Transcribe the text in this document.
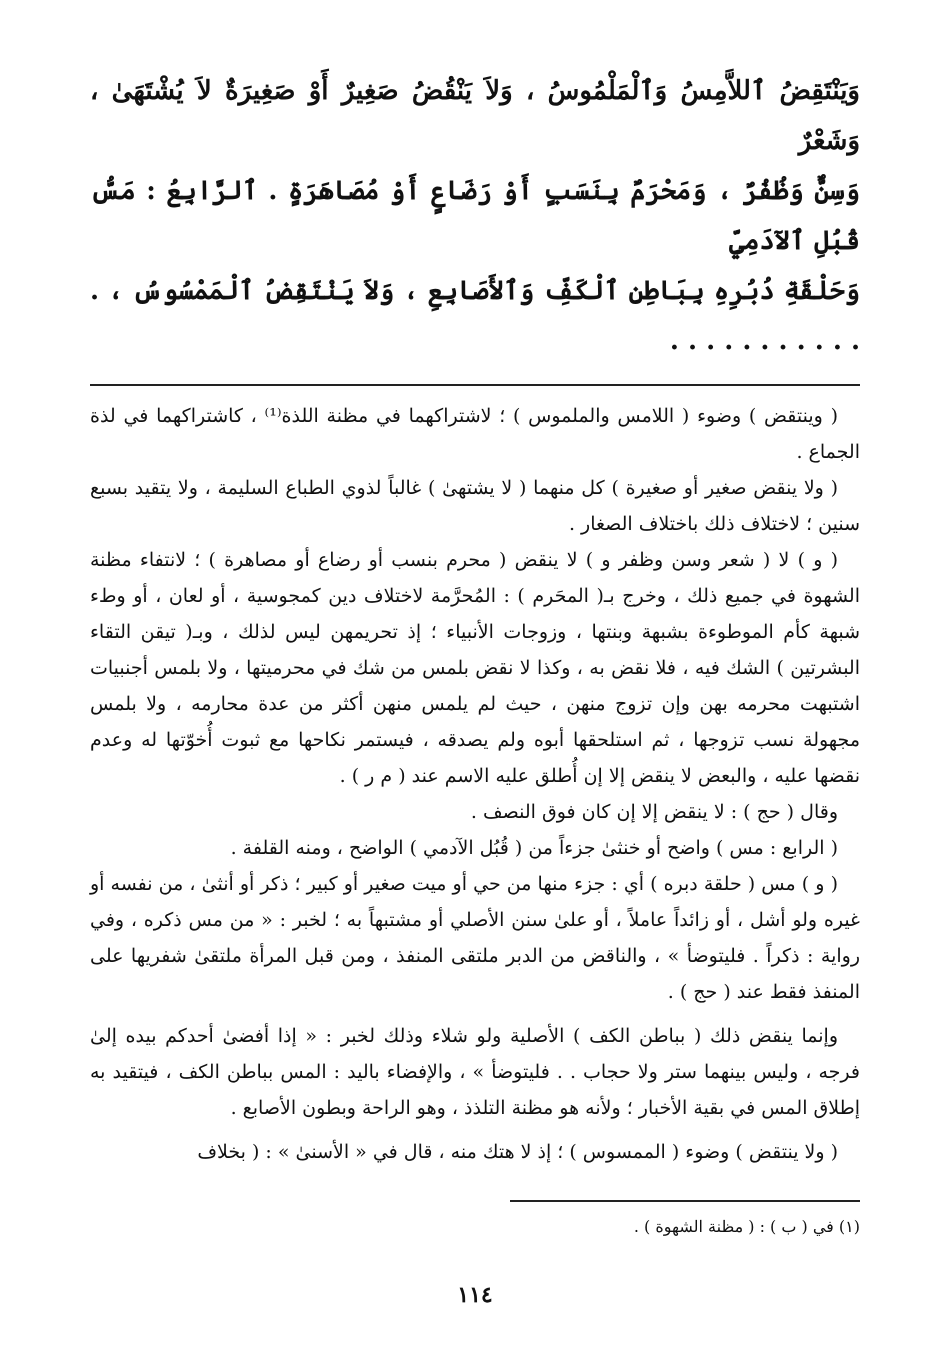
وَيَنْتَقِضُ ٱللاَّمِسُ وَٱلْمَلْمُوسُ ، وَلاَ يَنْقُضُ صَغِيرٌ أَوْ صَغِيرَةٌ لاَ يُشْتَهَىٰ ، وَشَعْرٌ
وَسِنٌّ وَظُفُرٌ ، وَمَحْرَمٌ بِنَسَبٍ أَوْ رَضَاعٍ أَوْ مُصَاهَرَةٍ . ٱلرَّابِعُ : مَسُّ قُبُلِ ٱلآدَمِيِّ
وَحَلْقَةِ دُبُرِهِ بِبَاطِنِ ٱلْكَفِّ وَٱلأَصَابِعِ ، وَلاَ يَنْتَقِضُ ٱلْمَمْسُوسُ ، . . . . . . . . . . . .

( وينتقض ) وضوء ( اللامس والملموس ) ؛ لاشتراكهما في مظنة اللذة⁽¹⁾ ، كاشتراكهما في لذة الجماع .

( ولا ينقض صغير أو صغيرة ) كل منهما ( لا يشتهىٰ ) غالباً لذوي الطباع السليمة ، ولا يتقيد بسبع سنين ؛ لاختلاف ذلك باختلاف الصغار .

( و ) لا ( شعر وسن وظفر و ) لا ينقض ( محرم بنسب أو رضاع أو مصاهرة ) ؛ لانتفاء مظنة الشهوة في جميع ذلك ، وخرج بـ( المحَرم ) : المُحرَّمة لاختلاف دين كمجوسية ، أو لعان ، أو وطء شبهة كأم الموطوءة بشبهة وبنتها ، وزوجات الأنبياء ؛ إذ تحريمهن ليس لذلك ، وبـ( تيقن التقاء البشرتين ) الشك فيه ، فلا نقض به ، وكذا لا نقض بلمس من شك في محرميتها ، ولا بلمس أجنبيات اشتبهت محرمه بهن وإن تزوج منهن ، حيث لم يلمس منهن أكثر من عدة محارمه ، ولا بلمس مجهولة نسب تزوجها ، ثم استلحقها أبوه ولم يصدقه ، فيستمر نكاحها مع ثبوت أُخوّتها له وعدم نقضها عليه ، والبعض لا ينقض إلا إن أُطلق عليه الاسم عند ( م ر ) .

وقال ( حج ) : لا ينقض إلا إن كان فوق النصف .

( الرابع : مس ) واضح أو خنثىٰ جزءاً من ( قُبُل الآدمي ) الواضح ، ومنه القلفة .

( و ) مس ( حلقة دبره ) أي : جزء منها من حي أو ميت صغير أو كبير ؛ ذكر أو أنثىٰ ، من نفسه أو غيره ولو أشل ، أو زائداً عاملاً ، أو علىٰ سنن الأصلي أو مشتبهاً به ؛ لخبر : « من مس ذكره ، وفي رواية : ذكراً . فليتوضأ » ، والناقض من الدبر ملتقى المنفذ ، ومن قبل المرأة ملتقىٰ شفريها على المنفذ فقط عند ( حج ) .

وإنما ينقض ذلك ( بباطن الكف ) الأصلية ولو شلاء وذلك لخبر : « إذا أفضىٰ أحدكم بيده إلىٰ فرجه ، وليس بينهما ستر ولا حجاب . . فليتوضأ » ، والإفضاء باليد : المس بباطن الكف ، فيتقيد به إطلاق المس في بقية الأخبار ؛ ولأنه هو مظنة التلذذ ، وهو الراحة وبطون الأصابع .

( ولا ينتقض ) وضوء ( الممسوس ) ؛ إذ لا هتك منه ، قال في « الأسنىٰ » : ( بخلاف

(١) في ( ب ) : ( مظنة الشهوة ) .

١١٤
